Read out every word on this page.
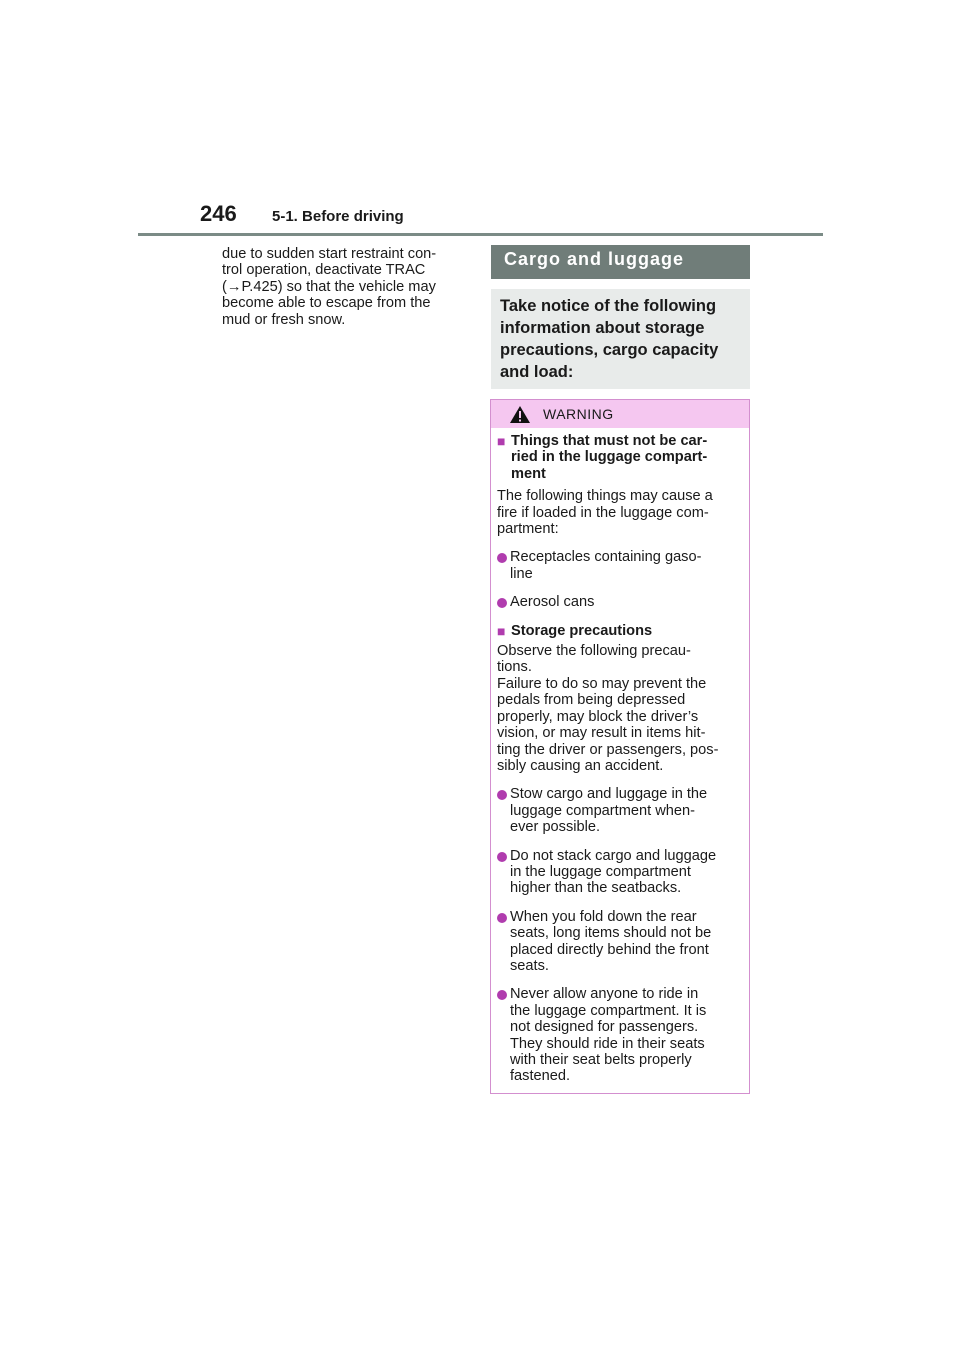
246 5-1. Before driving

due to sudden start restraint con-
trol operation, deactivate TRAC
(→P.425) so that the vehicle may
become able to escape from the
mud or fresh snow.

Cargo and luggage
Take notice of the following information about storage precautions, cargo capacity and load:
WARNING

■ Things that must not be car-
ried in the luggage compart-
ment

The following things may cause a
fire if loaded in the luggage com-
partment:

Receptacles containing gaso-
line

Aerosol cans

■ Storage precautions

Observe the following precau-
tions.
Failure to do so may prevent the
pedals from being depressed
properly, may block the driver’s
vision, or may result in items hit-
ting the driver or passengers, pos-
sibly causing an accident.

Stow cargo and luggage in the
luggage compartment when-
ever possible.

Do not stack cargo and luggage
in the luggage compartment
higher than the seatbacks.

When you fold down the rear
seats, long items should not be
placed directly behind the front
seats.

Never allow anyone to ride in
the luggage compartment. It is
not designed for passengers.
They should ride in their seats
with their seat belts properly
fastened.
